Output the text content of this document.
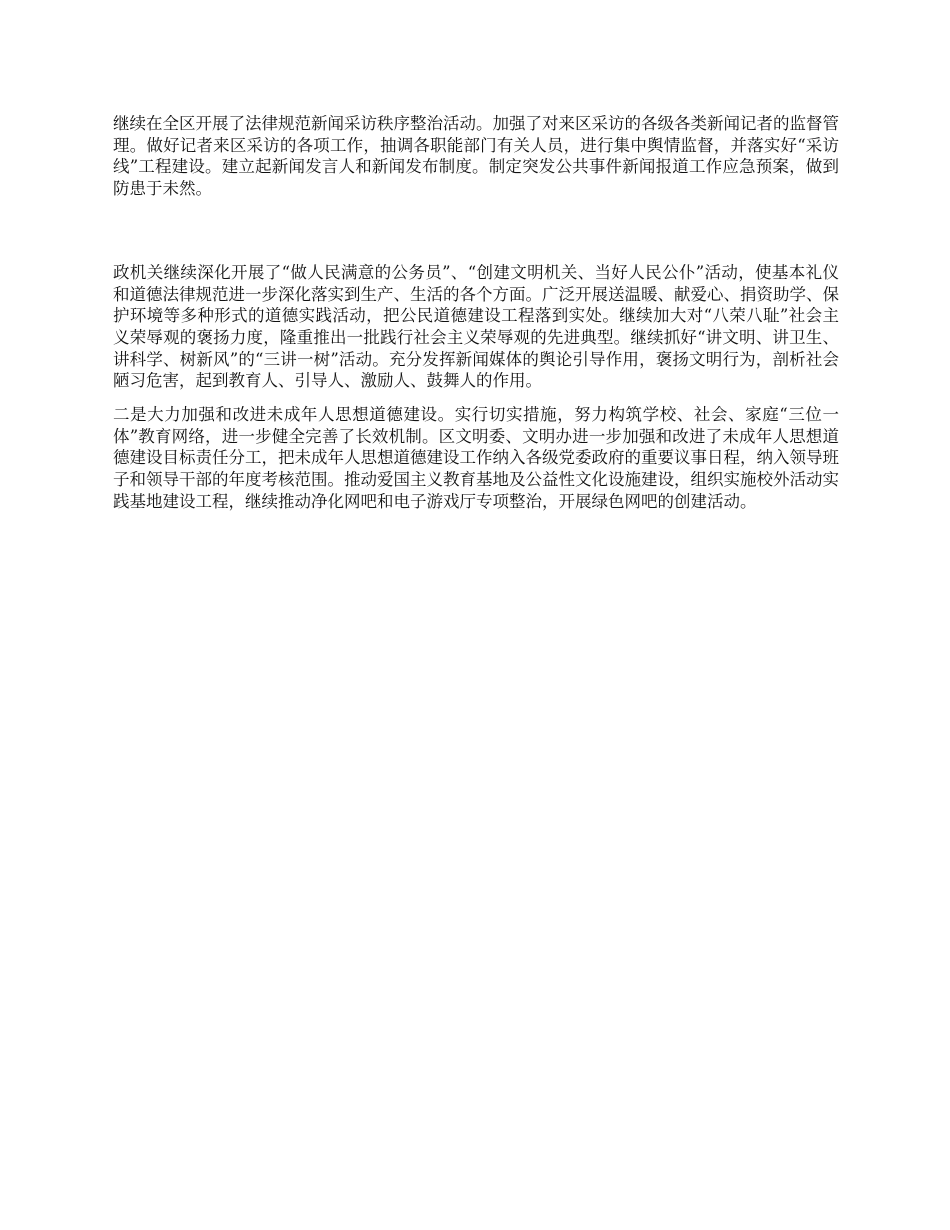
继续在全区开展了法律规范新闻采访秩序整治活动。加强了对来区采访的各级各类新闻记者的监督管理。做好记者来区采访的各项工作，抽调各职能部门有关人员，进行集中舆情监督，并落实好“采访线”工程建设。建立起新闻发言人和新闻发布制度。制定突发公共事件新闻报道工作应急预案，做到防患于未然。

政机关继续深化开展了“做人民满意的公务员”、“创建文明机关、当好人民公仆”活动，使基本礼仪和道德法律规范进一步深化落实到生产、生活的各个方面。广泛开展送温暖、献爱心、捐资助学、保护环境等多种形式的道德实践活动，把公民道德建设工程落到实处。继续加大对“八荣八耻”社会主义荣辱观的褒扬力度，隆重推出一批践行社会主义荣辱观的先进典型。继续抓好“讲文明、讲卫生、讲科学、树新风”的“三讲一树”活动。充分发挥新闻媒体的舆论引导作用，褒扬文明行为，剖析社会陋习危害，起到教育人、引导人、激励人、鼓舞人的作用。

二是大力加强和改进未成年人思想道德建设。实行切实措施，努力构筑学校、社会、家庭“三位一体”教育网络，进一步健全完善了长效机制。区文明委、文明办进一步加强和改进了未成年人思想道德建设目标责任分工，把未成年人思想道德建设工作纳入各级党委政府的重要议事日程，纳入领导班子和领导干部的年度考核范围。推动爱国主义教育基地及公益性文化设施建设，组织实施校外活动实践基地建设工程，继续推动净化网吧和电子游戏厅专项整治，开展绿色网吧的创建活动。
